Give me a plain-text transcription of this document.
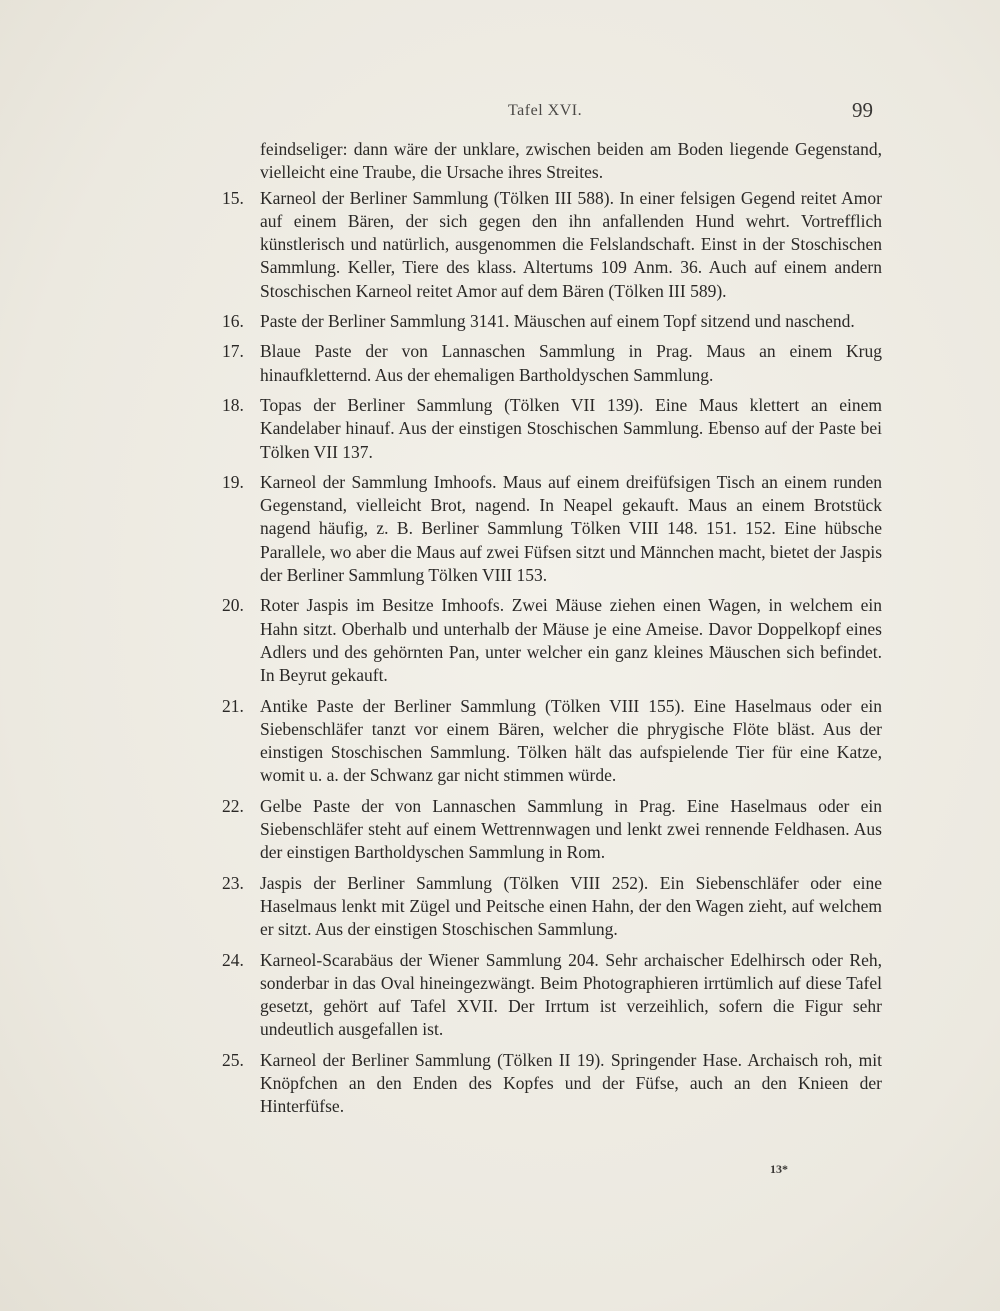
Tafel XVI.	99

feindseliger: dann wäre der unklare, zwischen beiden am Boden liegende Gegenstand, vielleicht eine Traube, die Ursache ihres Streites.

15. Karneol der Berliner Sammlung (Tölken III 588). In einer felsigen Gegend reitet Amor auf einem Bären, der sich gegen den ihn anfallenden Hund wehrt. Vortrefflich künstlerisch und natürlich, ausgenommen die Felslandschaft. Einst in der Stoschischen Sammlung. Keller, Tiere des klass. Altertums 109 Anm. 36. Auch auf einem andern Stoschischen Karneol reitet Amor auf dem Bären (Tölken III 589).
16. Paste der Berliner Sammlung 3141. Mäuschen auf einem Topf sitzend und naschend.
17. Blaue Paste der von Lannaschen Sammlung in Prag. Maus an einem Krug hinaufkletternd. Aus der ehemaligen Bartholdyschen Sammlung.
18. Topas der Berliner Sammlung (Tölken VII 139). Eine Maus klettert an einem Kandelaber hinauf. Aus der einstigen Stoschischen Sammlung. Ebenso auf der Paste bei Tölken VII 137.
19. Karneol der Sammlung Imhoofs. Maus auf einem dreifüfsigen Tisch an einem runden Gegenstand, vielleicht Brot, nagend. In Neapel gekauft. Maus an einem Brotstück nagend häufig, z. B. Berliner Sammlung Tölken VIII 148. 151. 152. Eine hübsche Parallele, wo aber die Maus auf zwei Füfsen sitzt und Männchen macht, bietet der Jaspis der Berliner Sammlung Tölken VIII 153.
20. Roter Jaspis im Besitze Imhoofs. Zwei Mäuse ziehen einen Wagen, in welchem ein Hahn sitzt. Oberhalb und unterhalb der Mäuse je eine Ameise. Davor Doppelkopf eines Adlers und des gehörnten Pan, unter welcher ein ganz kleines Mäuschen sich befindet. In Beyrut gekauft.
21. Antike Paste der Berliner Sammlung (Tölken VIII 155). Eine Haselmaus oder ein Siebenschläfer tanzt vor einem Bären, welcher die phrygische Flöte bläst. Aus der einstigen Stoschischen Sammlung. Tölken hält das aufspielende Tier für eine Katze, womit u. a. der Schwanz gar nicht stimmen würde.
22. Gelbe Paste der von Lannaschen Sammlung in Prag. Eine Haselmaus oder ein Siebenschläfer steht auf einem Wettrennwagen und lenkt zwei rennende Feldhasen. Aus der einstigen Bartholdyschen Sammlung in Rom.
23. Jaspis der Berliner Sammlung (Tölken VIII 252). Ein Siebenschläfer oder eine Haselmaus lenkt mit Zügel und Peitsche einen Hahn, der den Wagen zieht, auf welchem er sitzt. Aus der einstigen Stoschischen Sammlung.
24. Karneol-Scarabäus der Wiener Sammlung 204. Sehr archaischer Edelhirsch oder Reh, sonderbar in das Oval hineingezwängt. Beim Photographieren irrtümlich auf diese Tafel gesetzt, gehört auf Tafel XVII. Der Irrtum ist verzeihlich, sofern die Figur sehr undeutlich ausgefallen ist.
25. Karneol der Berliner Sammlung (Tölken II 19). Springender Hase. Archaisch roh, mit Knöpfchen an den Enden des Kopfes und der Füfse, auch an den Knieen der Hinterfüfse.
13*
